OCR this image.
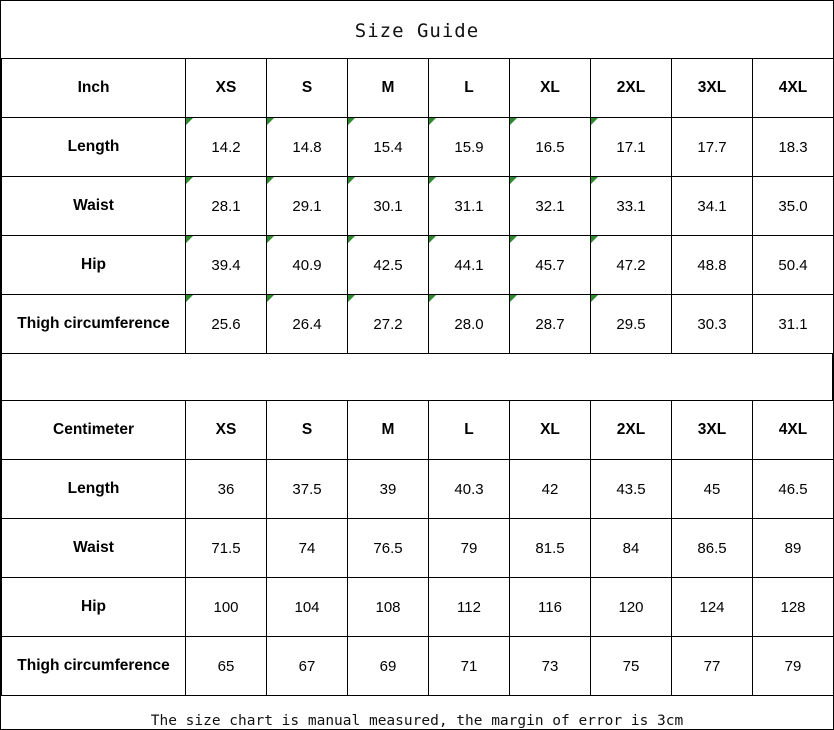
Size Guide
Inch	XS	S	M	L	XL	2XL	3XL	4XL
Length	14.2	14.8	15.4	15.9	16.5	17.1	17.7	18.3
Waist	28.1	29.1	30.1	31.1	32.1	33.1	34.1	35.0
Hip	39.4	40.9	42.5	44.1	45.7	47.2	48.8	50.4
Thigh circumference	25.6	26.4	27.2	28.0	28.7	29.5	30.3	31.1
Centimeter	XS	S	M	L	XL	2XL	3XL	4XL
Length	36	37.5	39	40.3	42	43.5	45	46.5
Waist	71.5	74	76.5	79	81.5	84	86.5	89
Hip	100	104	108	112	116	120	124	128
Thigh circumference	65	67	69	71	73	75	77	79
The size chart is manual measured, the margin of error is 3cm
